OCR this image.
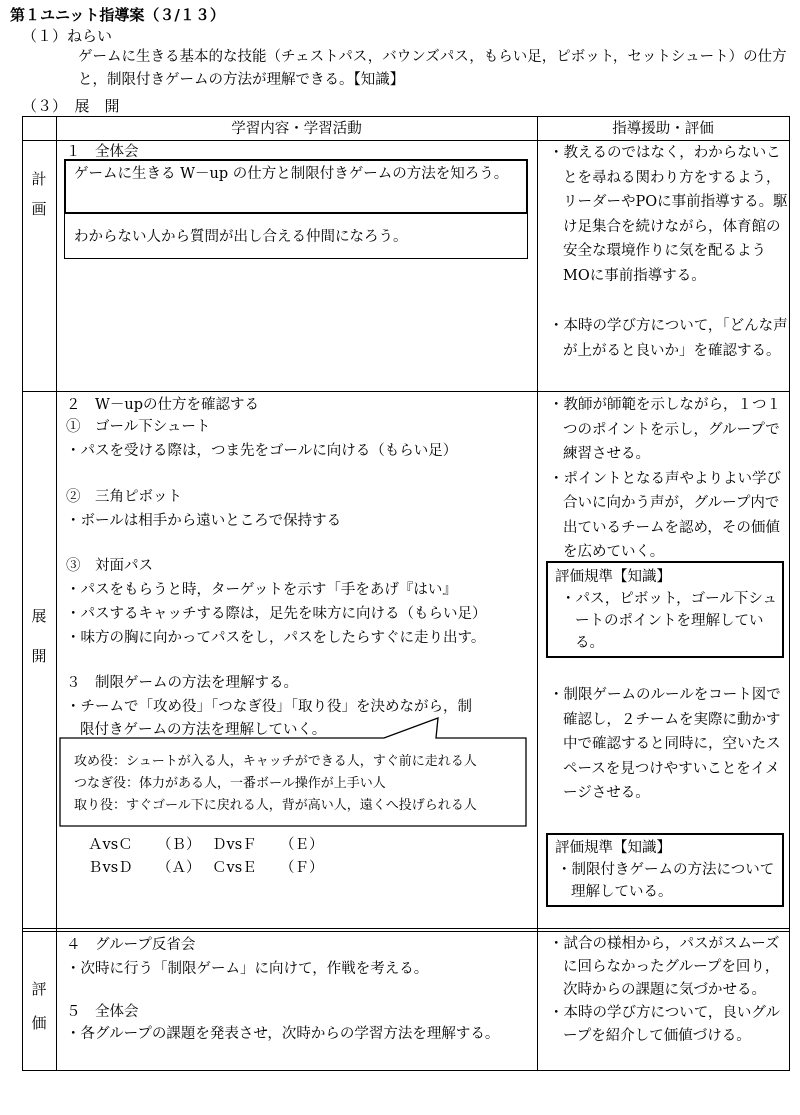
第１ユニット指導案（３/１３）
（１）ねらい
ゲームに生きる基本的な技能（チェストパス，バウンズパス，もらい足，ピボット，セットシュート）の仕方と，制限付きゲームの方法が理解できる。【知識】
（３）　展　開
学習内容・学習活動	指導援助・評価
計
画
１　全体会
ゲームに生きる W－up の仕方と制限付きゲームの方法を知ろう。
わからない人から質問が出し合える仲間になろう。

・教えるのではなく，わからないことを尋ねる関わり方をするよう，リーダーやPOに事前指導する。駆け足集合を続けながら，体育館の安全な環境作りに気を配るようMOに事前指導する。

・本時の学び方について，「どんな声が上がると良いか」を確認する。

展
開
２　W－upの仕方を確認する
①　ゴール下シュート
・パスを受ける際は，つま先をゴールに向ける（もらい足）
②　三角ピボット
・ボールは相手から遠いところで保持する
③　対面パス
・パスをもらうと時，ターゲットを示す「手をあげ『はい』
・パスするキャッチする際は，足先を味方に向ける（もらい足）
・味方の胸に向かってパスをし，パスをしたらすぐに走り出す。
３　制限ゲームの方法を理解する。
・チームで「攻め役」「つなぎ役」「取り役」を決めながら，制
限付きゲームの方法を理解していく。
攻め役：シュートが入る人，キャッチができる人，すぐ前に走れる人
つなぎ役：体力がある人，一番ボール操作が上手い人
取り役：すぐゴール下に戻れる人，背が高い人，遠くへ投げられる人
ＡvsＣ （Ｂ） ＤvsＦ （Ｅ）
ＢvsＤ （Ａ） ＣvsＥ （Ｆ）

・教師が師範を示しながら，１つ１つのポイントを示し，グループで練習させる。

・ポイントとなる声やよりよい学び合いに向かう声が，グループ内で出ているチームを認め，その価値を広めていく。

評価規準【知識】
・パス，ピボット，ゴール下シュートのポイントを理解している。
・制限ゲームのルールをコート図で確認し，２チームを実際に動かす中で確認すると同時に，空いたスペースを見つけやすいことをイメージさせる。
評価規準【知識】
・制限付きゲームの方法について理解している。
評
価
４　グループ反省会
・次時に行う「制限ゲーム」に向けて，作戦を考える。
５　全体会
・各グループの課題を発表させ，次時からの学習方法を理解する。

・試合の様相から，パスがスムーズに回らなかったグループを回り，次時からの課題に気づかせる。

・本時の学び方について，良いグループを紹介して価値づける。
